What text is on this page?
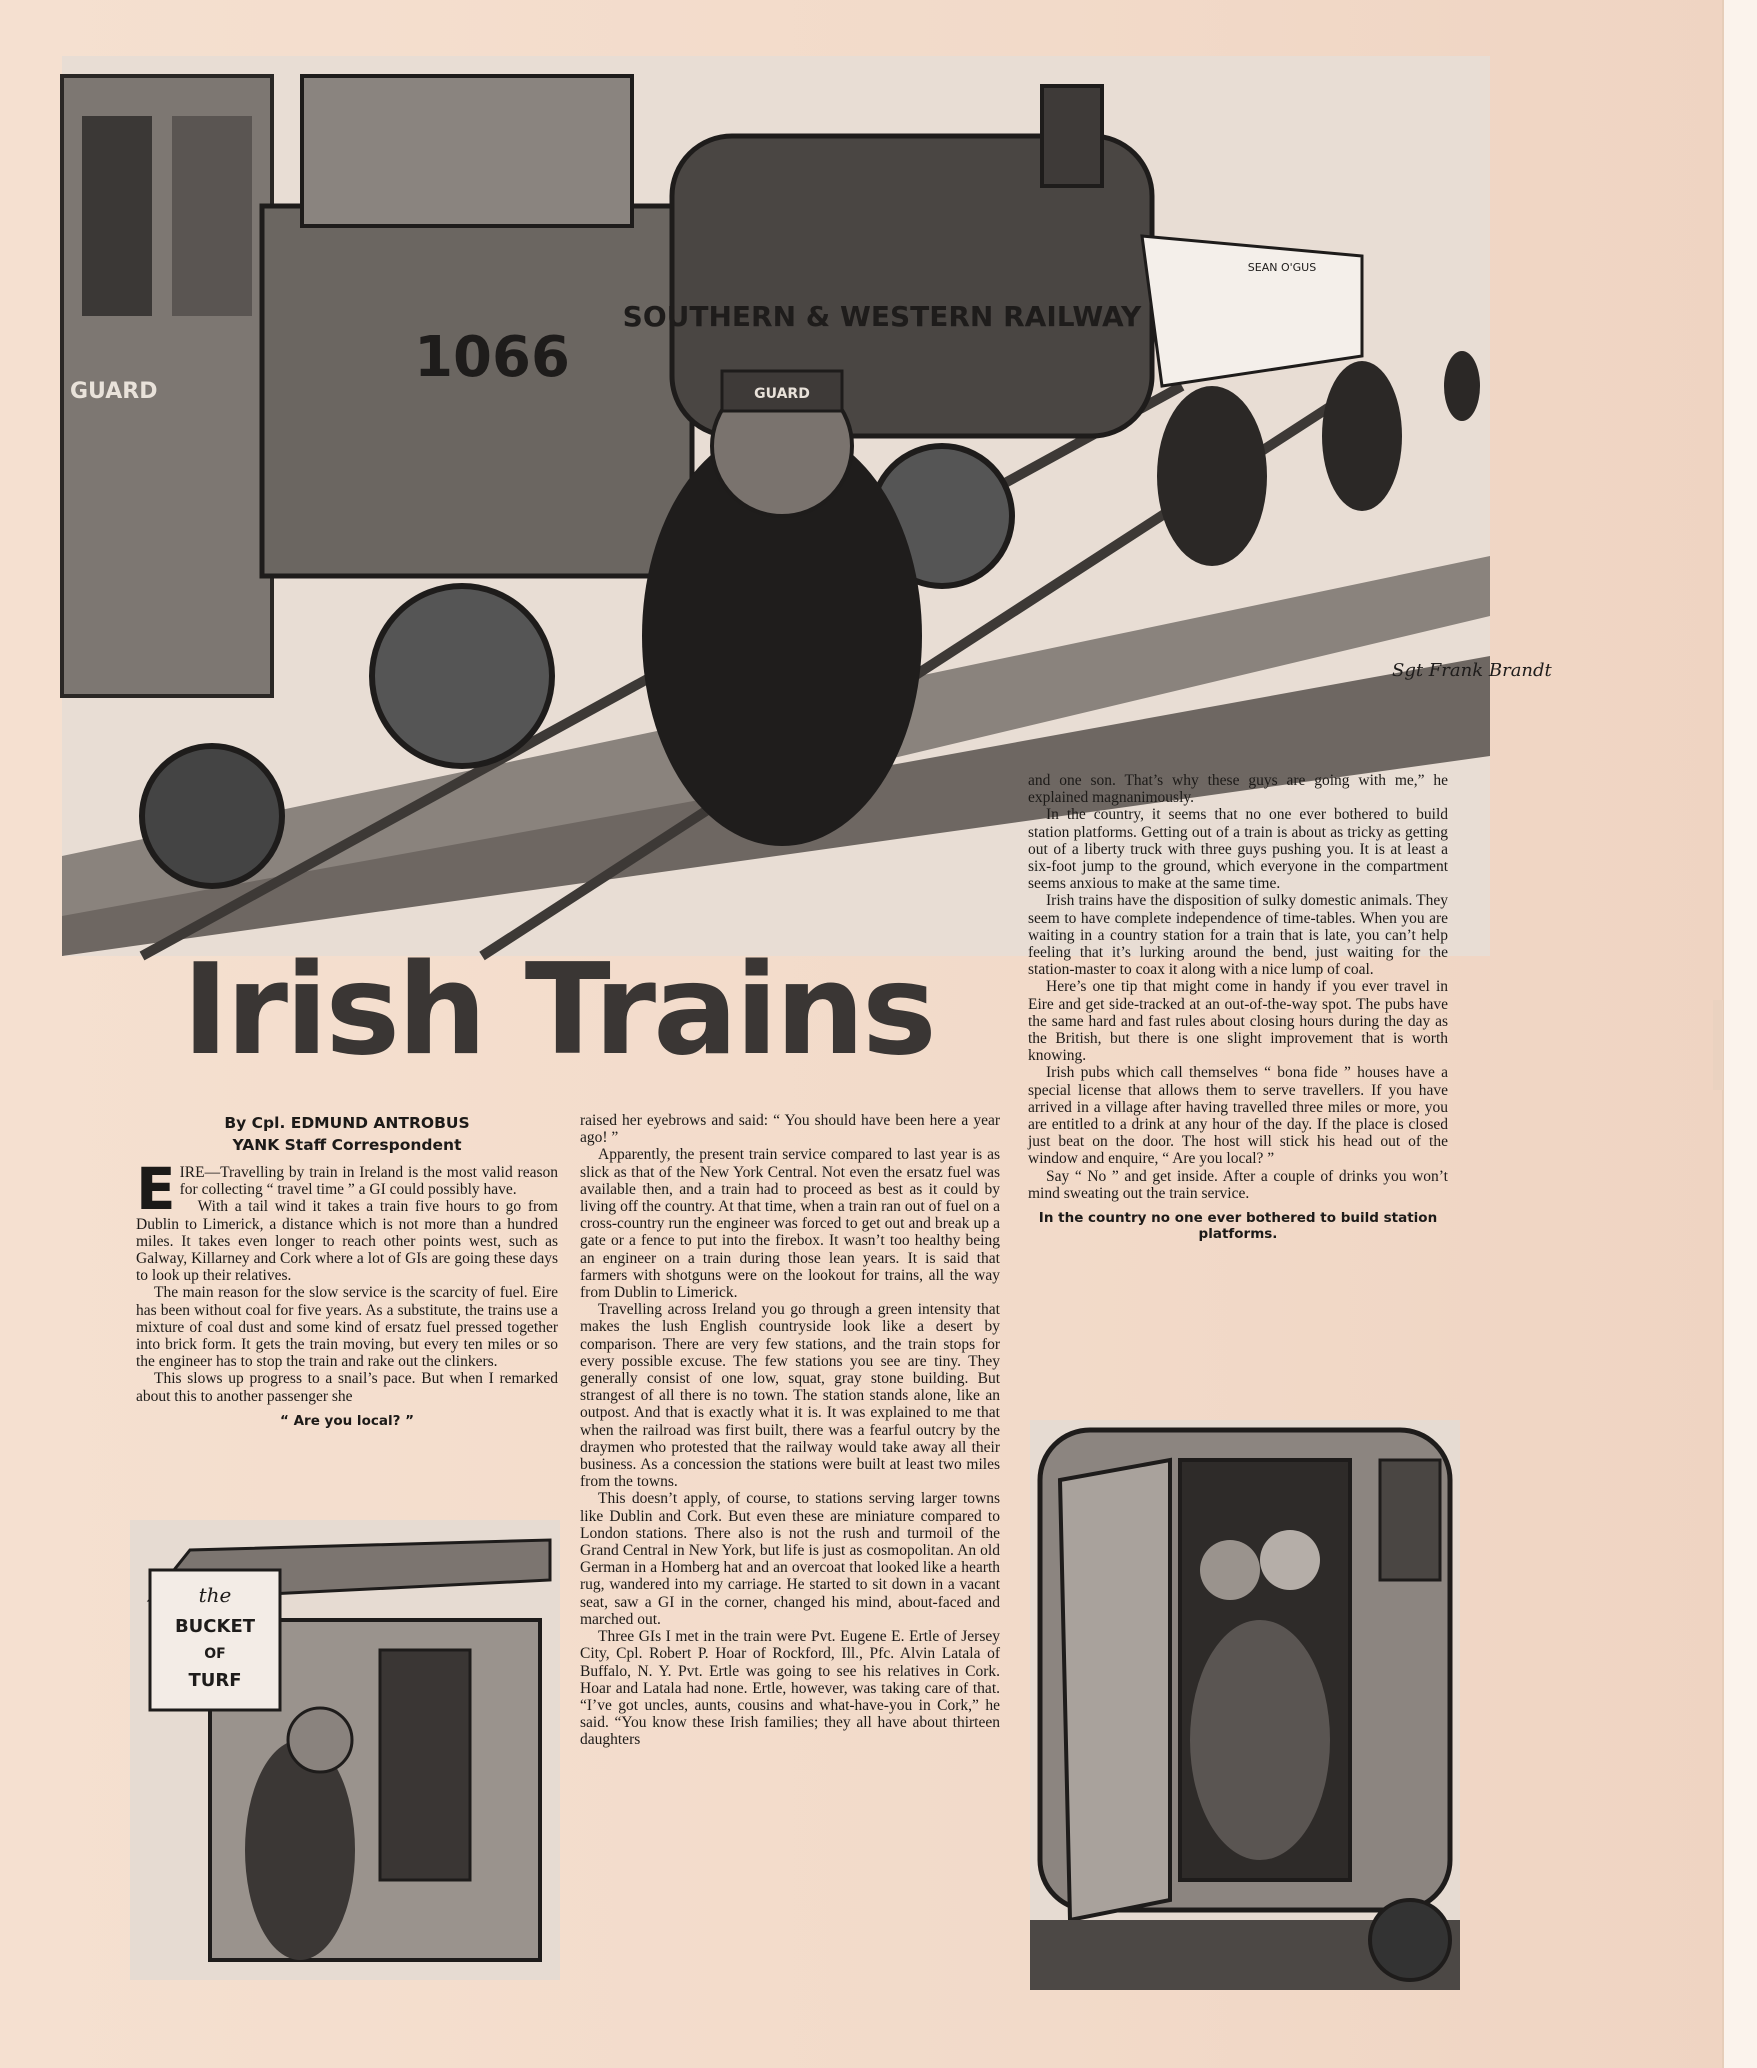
GUARD
1066
SOUTHERN & WESTERN RAILWAY
GUARD
SEAN O'GUS
Sgt Frank Brandt
Irish Trains
By Cpl. EDMUND ANTROBUS
YANK Staff Correspondent

EIRE—Travelling by train in Ireland is the most valid reason for collecting “ travel time ” a GI could possibly have.

With a tail wind it takes a train five hours to go from Dublin to Limerick, a distance which is not more than a hundred miles. It takes even longer to reach other points west, such as Galway, Killarney and Cork where a lot of GIs are going these days to look up their relatives.

The main reason for the slow service is the scarcity of fuel. Eire has been without coal for five years. As a substitute, the trains use a mixture of coal dust and some kind of ersatz fuel pressed together into brick form. It gets the train moving, but every ten miles or so the engineer has to stop the train and rake out the clinkers.

This slows up progress to a snail’s pace. But when I remarked about this to another passenger she

“ Are you local? ”
the
BUCKET
OF
TURF

raised her eyebrows and said: “ You should have been here a year ago! ”

Apparently, the present train service compared to last year is as slick as that of the New York Central. Not even the ersatz fuel was available then, and a train had to proceed as best as it could by living off the country. At that time, when a train ran out of fuel on a cross-country run the engineer was forced to get out and break up a gate or a fence to put into the firebox. It wasn’t too healthy being an engineer on a train during those lean years. It is said that farmers with shotguns were on the lookout for trains, all the way from Dublin to Limerick.

Travelling across Ireland you go through a green intensity that makes the lush English countryside look like a desert by comparison. There are very few stations, and the train stops for every possible excuse. The few stations you see are tiny. They generally consist of one low, squat, gray stone building. But strangest of all there is no town. The station stands alone, like an outpost. And that is exactly what it is. It was explained to me that when the railroad was first built, there was a fearful outcry by the draymen who protested that the railway would take away all their business. As a concession the stations were built at least two miles from the towns.

This doesn’t apply, of course, to stations serving larger towns like Dublin and Cork. But even these are miniature compared to London stations. There also is not the rush and turmoil of the Grand Central in New York, but life is just as cosmopolitan. An old German in a Homberg hat and an overcoat that looked like a hearth rug, wandered into my carriage. He started to sit down in a vacant seat, saw a GI in the corner, changed his mind, about-faced and marched out.

Three GIs I met in the train were Pvt. Eugene E. Ertle of Jersey City, Cpl. Robert P. Hoar of Rockford, Ill., Pfc. Alvin Latala of Buffalo, N. Y. Pvt. Ertle was going to see his relatives in Cork. Hoar and Latala had none. Ertle, however, was taking care of that. “I’ve got uncles, aunts, cousins and what-have-you in Cork,” he said. “You know these Irish families; they all have about thirteen daughters

and one son. That’s why these guys are going with me,” he explained magnanimously.

In the country, it seems that no one ever bothered to build station platforms. Getting out of a train is about as tricky as getting out of a liberty truck with three guys pushing you. It is at least a six-foot jump to the ground, which everyone in the compartment seems anxious to make at the same time.

Irish trains have the disposition of sulky domestic animals. They seem to have complete independence of time-tables. When you are waiting in a country station for a train that is late, you can’t help feeling that it’s lurking around the bend, just waiting for the station-master to coax it along with a nice lump of coal.

Here’s one tip that might come in handy if you ever travel in Eire and get side-tracked at an out-of-the-way spot. The pubs have the same hard and fast rules about closing hours during the day as the British, but there is one slight improvement that is worth knowing.

Irish pubs which call themselves “ bona fide ” houses have a special license that allows them to serve travellers. If you have arrived in a village after having travelled three miles or more, you are entitled to a drink at any hour of the day. If the place is closed just beat on the door. The host will stick his head out of the window and enquire, “ Are you local? ”

Say “ No ” and get inside. After a couple of drinks you won’t mind sweating out the train service.

In the country no one ever bothered to build station platforms.
